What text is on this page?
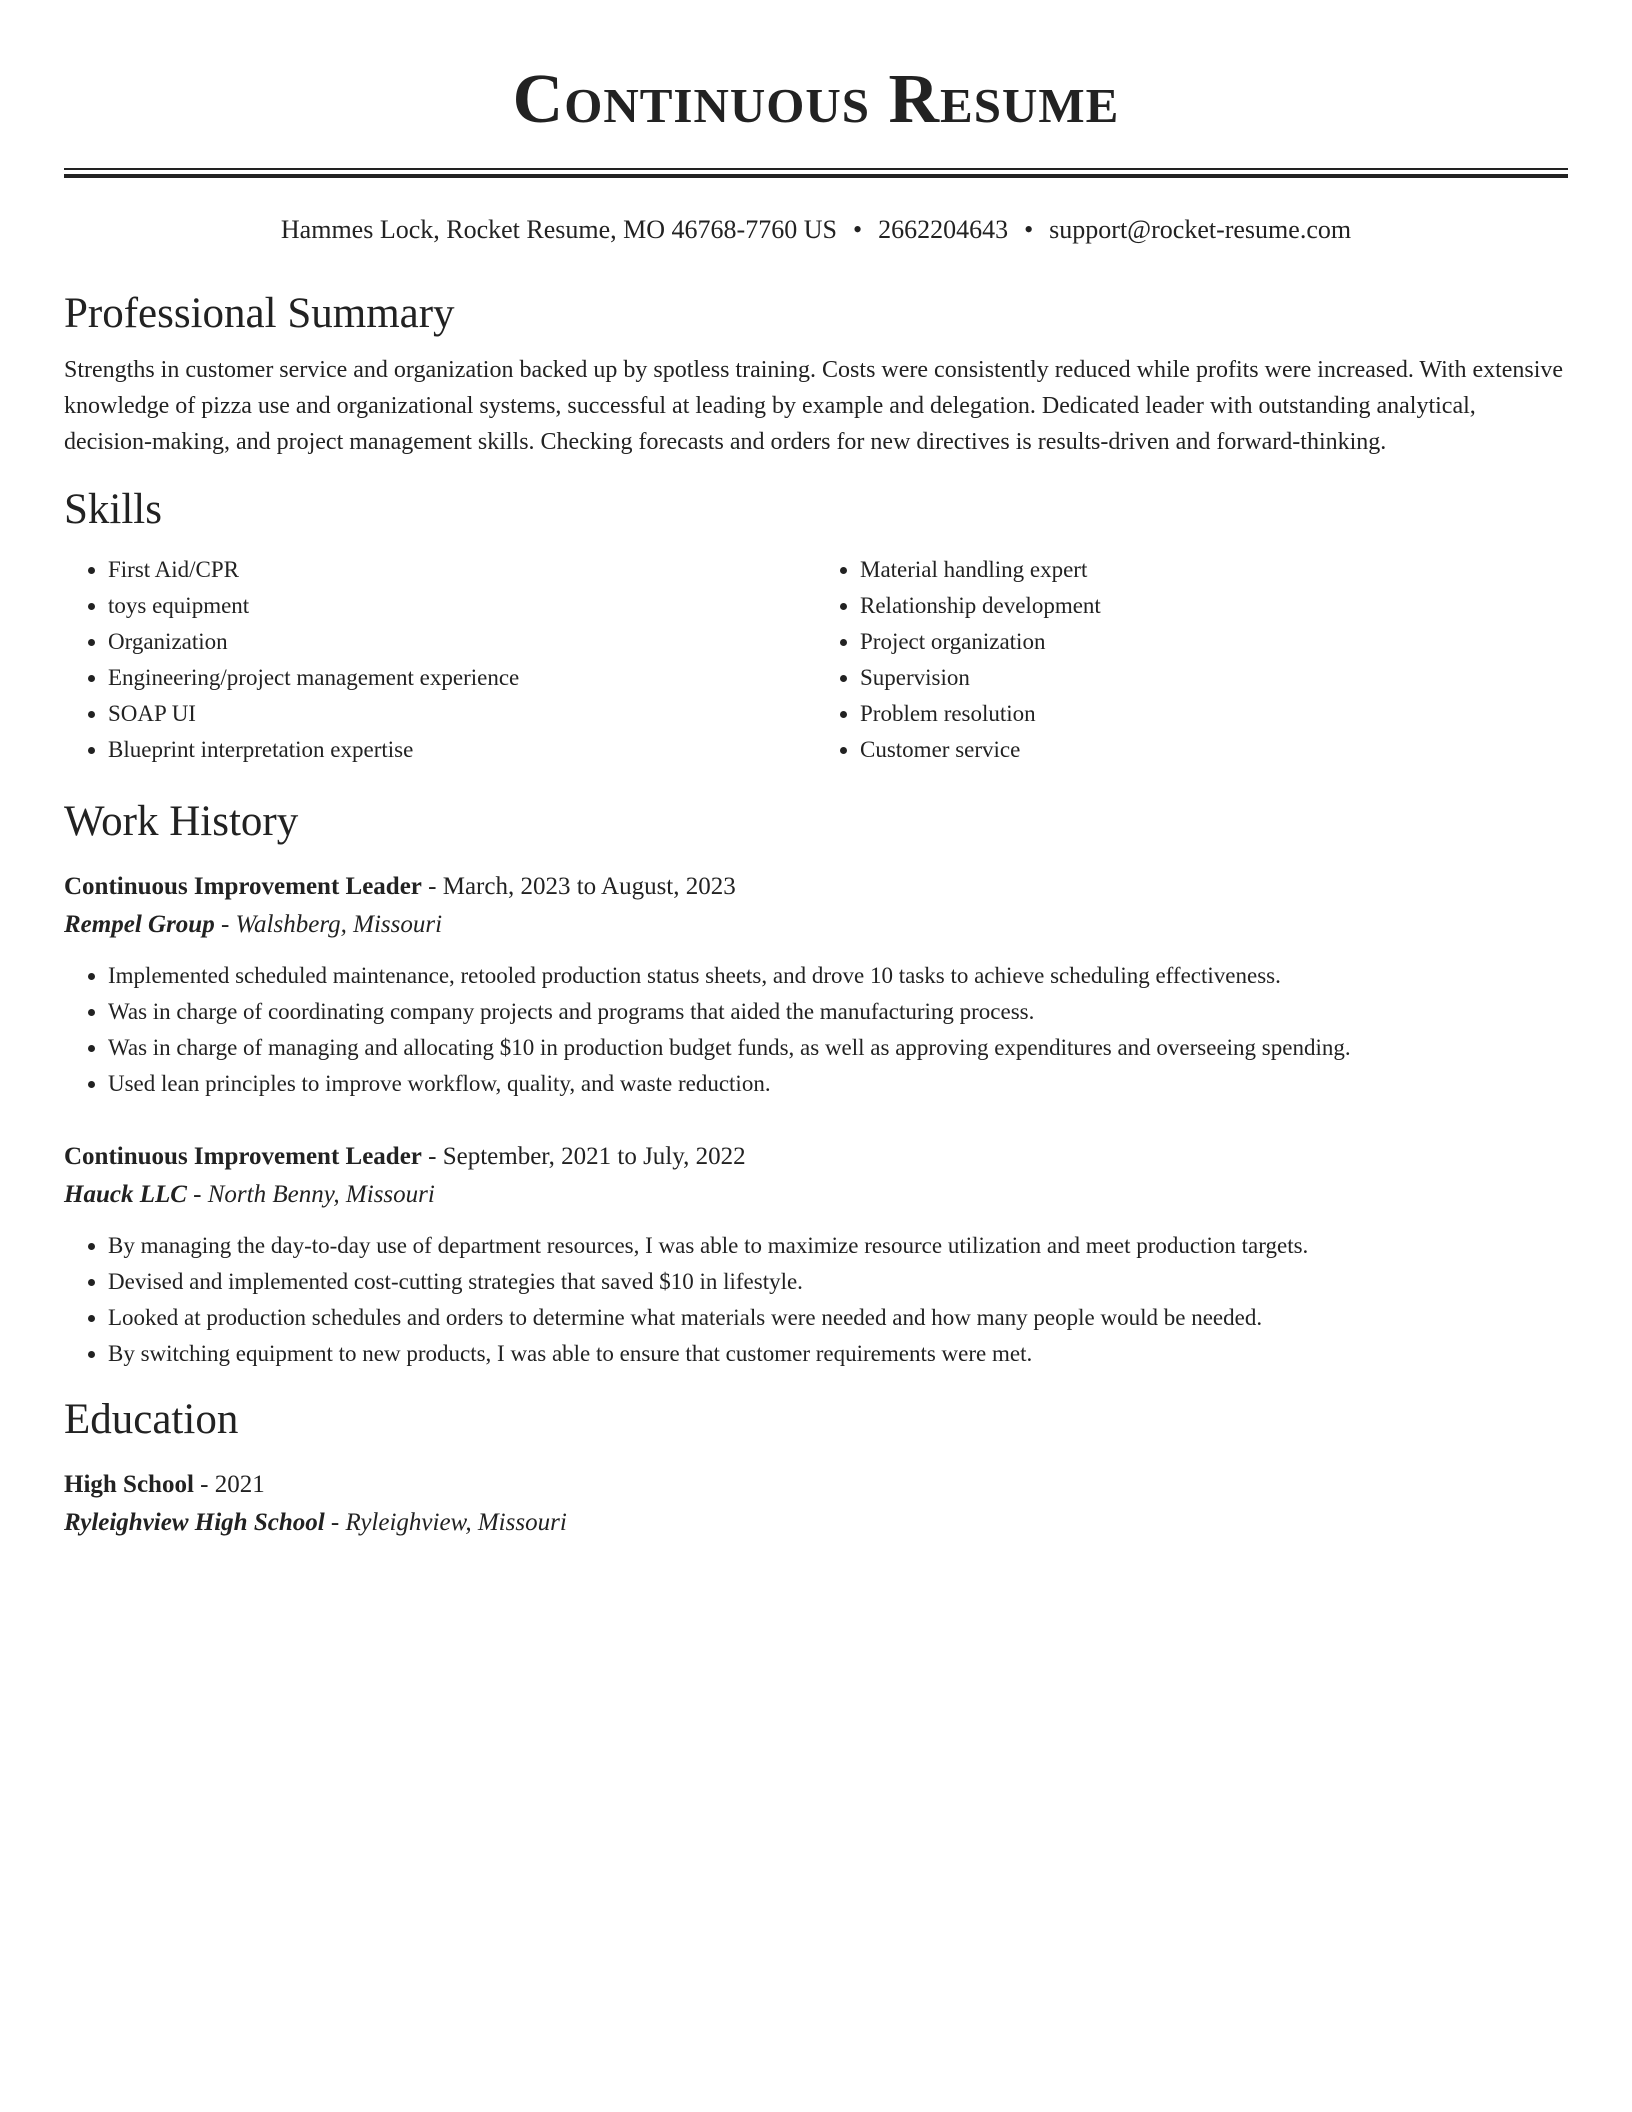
Continuous Resume
Hammes Lock, Rocket Resume, MO 46768-7760 US • 2662204643 • support@rocket-resume.com
Professional Summary

Strengths in customer service and organization backed up by spotless training. Costs were consistently reduced while profits were increased. With extensive knowledge of pizza use and organizational systems, successful at leading by example and delegation. Dedicated leader with outstanding analytical, decision-making, and project management skills. Checking forecasts and orders for new directives is results-driven and forward-thinking.

Skills
• First Aid/CPR
• toys equipment
• Organization
• Engineering/project management experience
• SOAP UI
• Blueprint interpretation expertise
• Material handling expert
• Relationship development
• Project organization
• Supervision
• Problem resolution
• Customer service
Work History
Continuous Improvement Leader - March, 2023 to August, 2023
Rempel Group - Walshberg, Missouri
• Implemented scheduled maintenance, retooled production status sheets, and drove 10 tasks to achieve scheduling effectiveness.
• Was in charge of coordinating company projects and programs that aided the manufacturing process.
• Was in charge of managing and allocating $10 in production budget funds, as well as approving expenditures and overseeing spending.
• Used lean principles to improve workflow, quality, and waste reduction.
Continuous Improvement Leader - September, 2021 to July, 2022
Hauck LLC - North Benny, Missouri
• By managing the day-to-day use of department resources, I was able to maximize resource utilization and meet production targets.
• Devised and implemented cost-cutting strategies that saved $10 in lifestyle.
• Looked at production schedules and orders to determine what materials were needed and how many people would be needed.
• By switching equipment to new products, I was able to ensure that customer requirements were met.
Education
High School - 2021
Ryleighview High School - Ryleighview, Missouri
